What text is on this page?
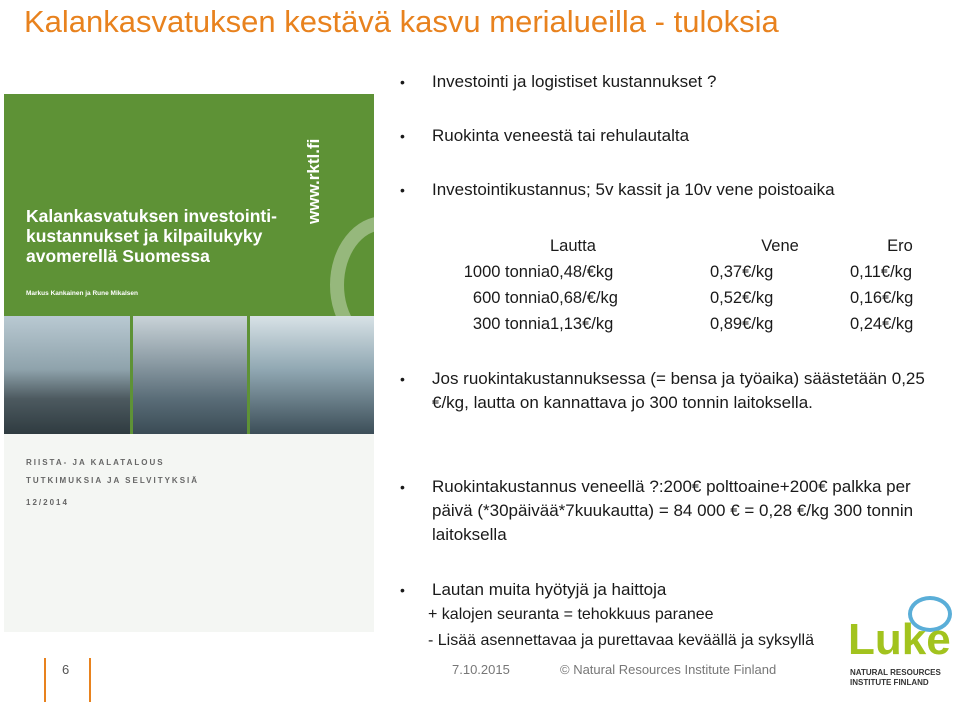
Kalankasvatuksen kestävä kasvu merialueilla - tuloksia
www.rktl.fi

Kalankasvatuksen investointi-kustannukset ja kilpailukyky avomerellä Suomessa

Markus Kankainen ja Rune Mikalsen
RIISTA- JA KALATALOUS
TUTKIMUKSIA JA SELVITYKSIÄ
12/2014
• Investointi ja logistiset kustannukset ?
• Ruokinta veneestä tai rehulautalta
• Investointikustannus; 5v kassit ja 10v vene poistoaika
	Lautta	Vene	Ero
1000 tonnia	0,48/€kg	0,37€/kg	0,11€/kg
600 tonnia	0,68/€/kg	0,52€/kg	0,16€/kg
300 tonnia	1,13€/kg	0,89€/kg	0,24€/kg
• Jos ruokintakustannuksessa (= bensa ja työaika) säästetään 0,25 €/kg, lautta on kannattava jo 300 tonnin laitoksella.
• Ruokintakustannus veneellä ?:200€ polttoaine+200€ palkka per päivä (*30päivää*7kuukautta) = 84 000 € = 0,28 €/kg 300 tonnin laitoksella
• Lautan muita hyötyjä ja haittoja
+ kalojen seuranta = tehokkuus paranee
- Lisää asennettavaa ja purettavaa keväällä ja syksyllä
6	7.10.2015	© Natural Resources Institute Finland
Luke
NATURAL RESOURCES
INSTITUTE FINLAND
